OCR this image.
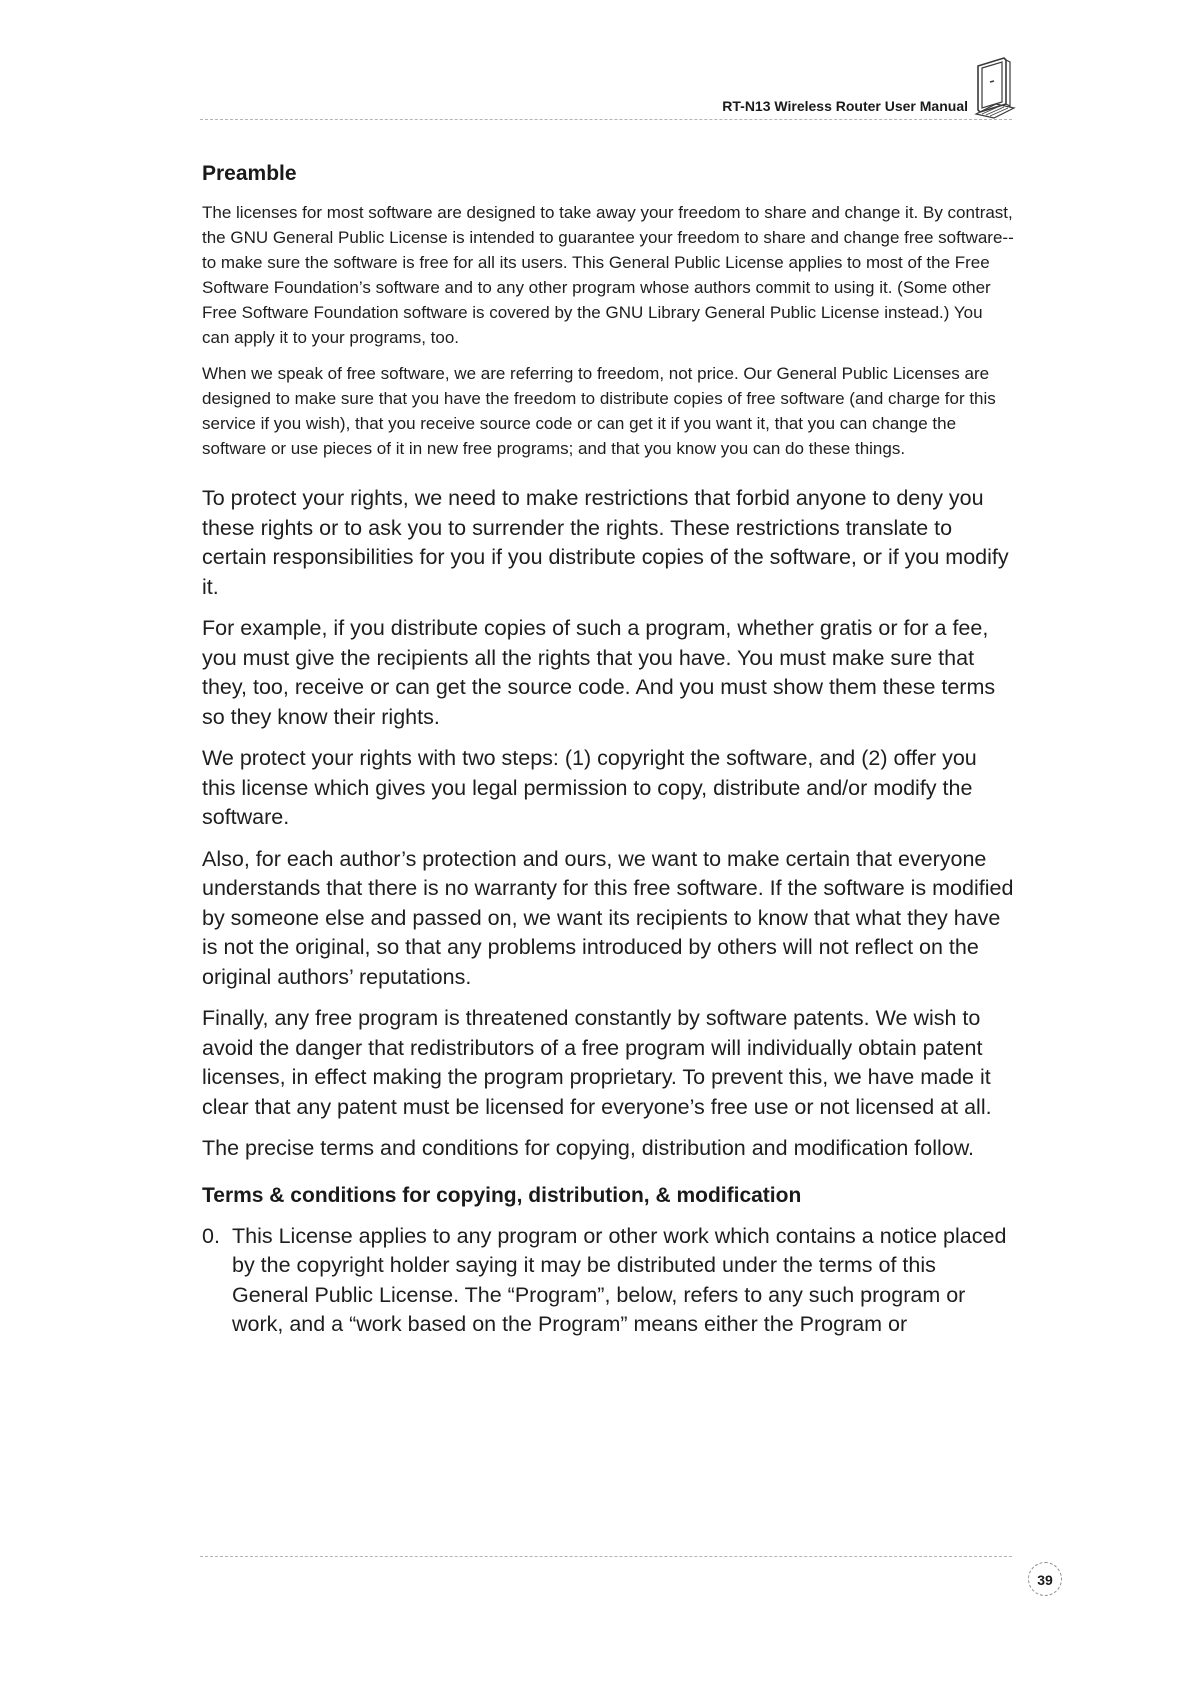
RT-N13 Wireless Router User Manual
Preamble

The licenses for most software are designed to take away your freedom to share and change it. By contrast, the GNU General Public License is intended to guarantee your freedom to share and change free software--to make sure the software is free for all its users. This General Public License applies to most of the Free Software Foundation’s software and to any other program whose authors commit to using it. (Some other Free Software Foundation software is covered by the GNU Library General Public License instead.) You can apply it to your programs, too.

When we speak of free software, we are referring to freedom, not price. Our General Public Licenses are designed to make sure that you have the freedom to distribute copies of free software (and charge for this service if you wish), that you receive source code or can get it if you want it, that you can change the software or use pieces of it in new free programs; and that you know you can do these things.

To protect your rights, we need to make restrictions that forbid anyone to deny you these rights or to ask you to surrender the rights. These restrictions translate to certain responsibilities for you if you distribute copies of the software, or if you modify it.

For example, if you distribute copies of such a program, whether gratis or for a fee, you must give the recipients all the rights that you have. You must make sure that they, too, receive or can get the source code. And you must show them these terms so they know their rights.

We protect your rights with two steps: (1) copyright the software, and (2) offer you this license which gives you legal permission to copy, distribute and/or modify the software.

Also, for each author’s protection and ours, we want to make certain that everyone understands that there is no warranty for this free software. If the software is modified by someone else and passed on, we want its recipients to know that what they have is not the original, so that any problems introduced by others will not reflect on the original authors’ reputations.

Finally, any free program is threatened constantly by software patents. We wish to avoid the danger that redistributors of a free program will individually obtain patent licenses, in effect making the program proprietary. To prevent this, we have made it clear that any patent must be licensed for everyone’s free use or not licensed at all.

The precise terms and conditions for copying, distribution and modification follow.

Terms & conditions for copying, distribution, & modification
0. This License applies to any program or other work which contains a notice placed by the copyright holder saying it may be distributed under the terms of this General Public License. The “Program”, below, refers to any such program or work, and a “work based on the Program” means either the Program or
39
